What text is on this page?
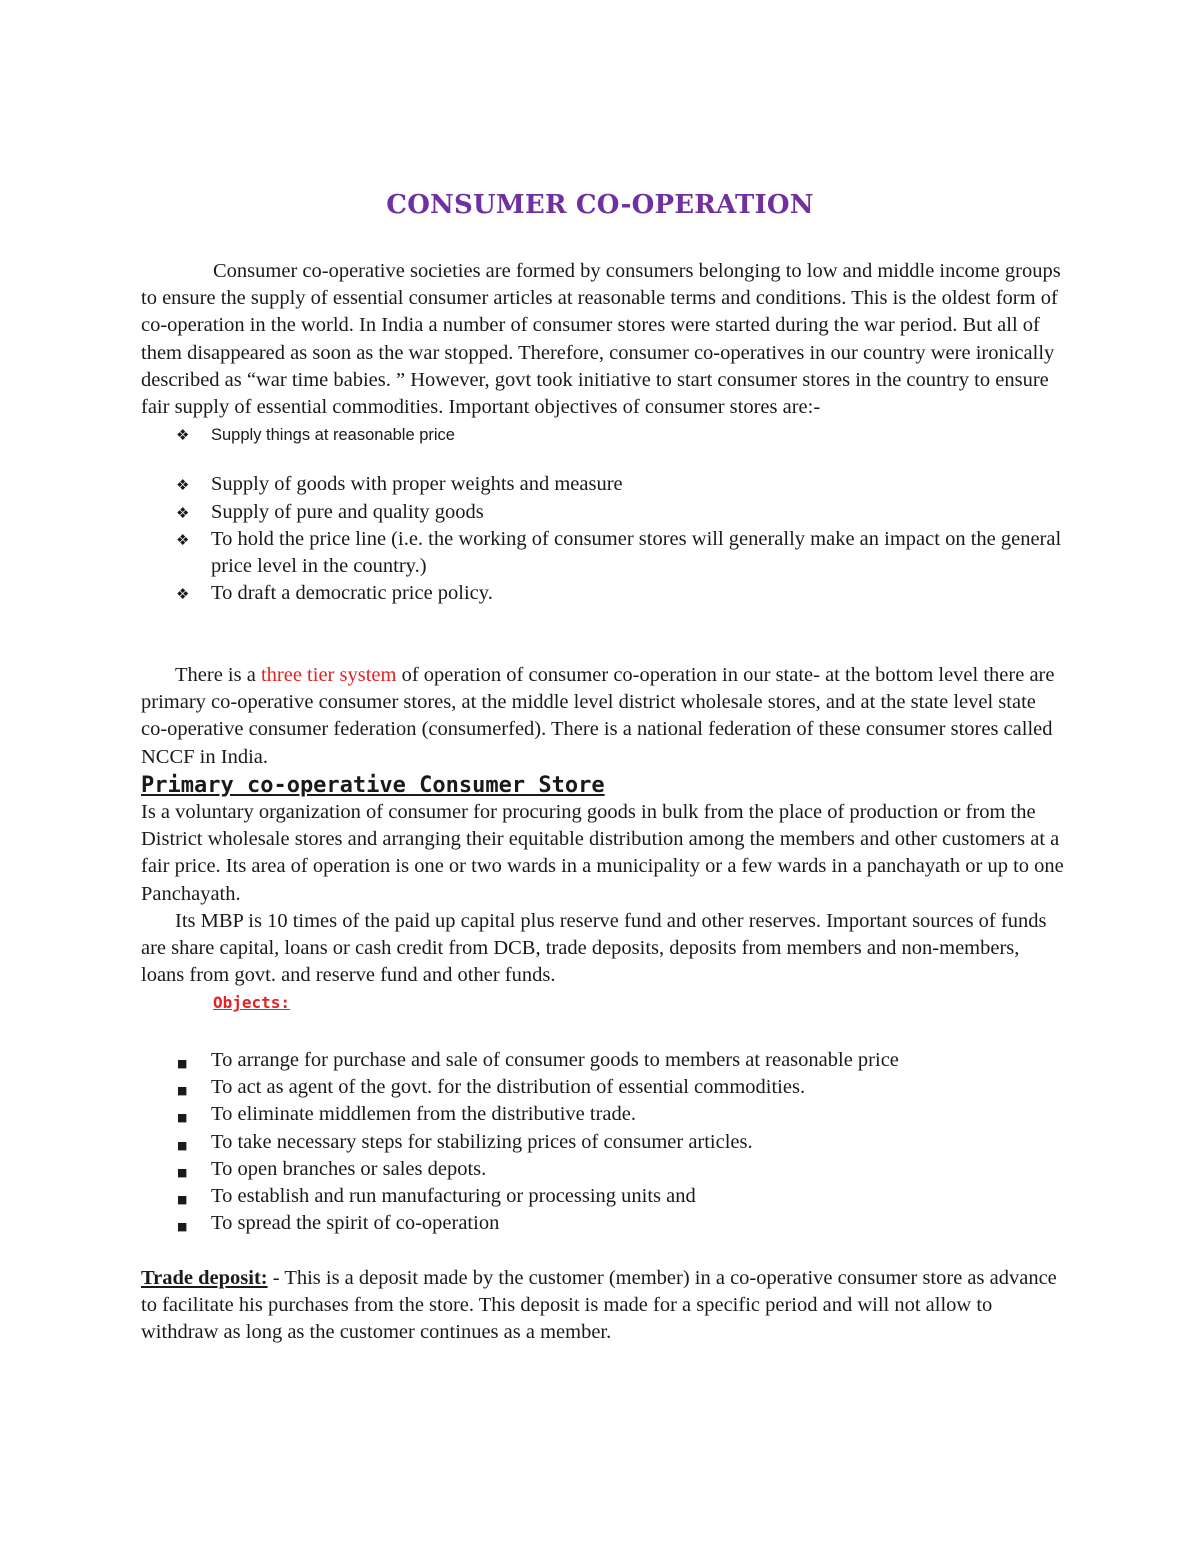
CONSUMER CO-OPERATION

Consumer co-operative societies are formed by consumers belonging to low and middle income groups to ensure the supply of essential consumer articles at reasonable terms and conditions. This is the oldest form of co-operation in the world. In India a number of consumer stores were started during the war period. But all of them disappeared as soon as the war stopped. Therefore, consumer co-operatives in our country were ironically described as “war time babies. ” However, govt took initiative to start consumer stores in the country to ensure fair supply of essential commodities. Important objectives of consumer stores are:-

❖ Supply things at reasonable price
❖ Supply of goods with proper weights and measure
❖ Supply of pure and quality goods
❖ To hold the price line (i.e. the working of consumer stores will generally make an impact on the general price level in the country.)
❖ To draft a democratic price policy.

There is a three tier system of operation of consumer co-operation in our state- at the bottom level there are primary co-operative consumer stores, at the middle level district wholesale stores, and at the state level state co-operative consumer federation (consumerfed). There is a national federation of these consumer stores called NCCF in India.

Primary co-operative Consumer Store

Is a voluntary organization of consumer for procuring goods in bulk from the place of production or from the District wholesale stores and arranging their equitable distribution among the members and other customers at a fair price. Its area of operation is one or two wards in a municipality or a few wards in a panchayath or up to one Panchayath.

Its MBP is 10 times of the paid up capital plus reserve fund and other reserves. Important sources of funds are share capital, loans or cash credit from DCB, trade deposits, deposits from members and non-members, loans from govt. and reserve fund and other funds.

Objects:

■ To arrange for purchase and sale of consumer goods to members at reasonable price
■ To act as agent of the govt. for the distribution of essential commodities.
■ To eliminate middlemen from the distributive trade.
■ To take necessary steps for stabilizing prices of consumer articles.
■ To open branches or sales depots.
■ To establish and run manufacturing or processing units and
■ To spread the spirit of co-operation

Trade deposit: - This is a deposit made by the customer (member) in a co-operative consumer store as advance to facilitate his purchases from the store. This deposit is made for a specific period and will not allow to withdraw as long as the customer continues as a member.
